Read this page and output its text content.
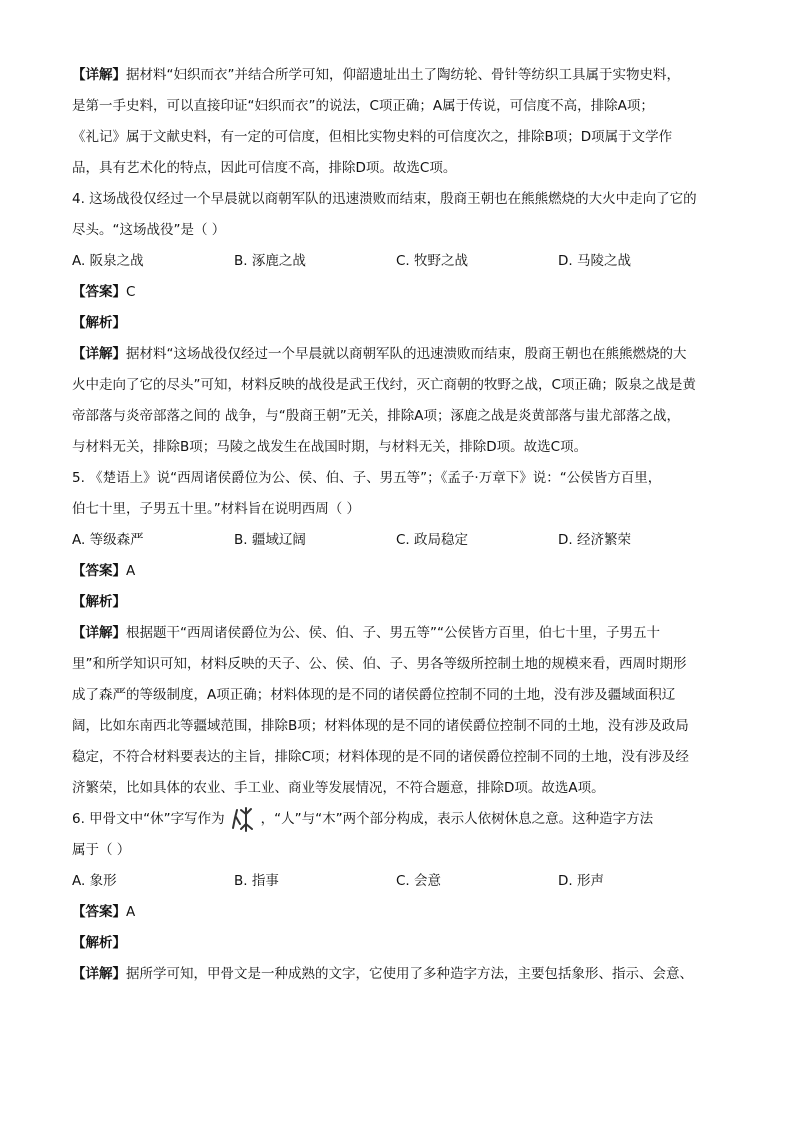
【详解】据材料“妇织而衣”并结合所学可知，仰韶遗址出土了陶纺轮、骨针等纺织工具属于实物史料，
是第一手史料，可以直接印证“妇织而衣”的说法，C项正确；A属于传说，可信度不高，排除A项；
《礼记》属于文献史料，有一定的可信度，但相比实物史料的可信度次之，排除B项；D项属于文学作
品，具有艺术化的特点，因此可信度不高，排除D项。故选C项。
4. 这场战役仅经过一个早晨就以商朝军队的迅速溃败而结束，殷商王朝也在熊熊燃烧的大火中走向了它的
尽头。“这场战役”是（ ）
A. 阪泉之战	B. 涿鹿之战	C. 牧野之战	D. 马陵之战
【答案】C
【解析】
【详解】据材料“这场战役仅经过一个早晨就以商朝军队的迅速溃败而结束，殷商王朝也在熊熊燃烧的大
火中走向了它的尽头”可知，材料反映的战役是武王伐纣，灭亡商朝的牧野之战，C项正确；阪泉之战是黄
帝部落与炎帝部落之间的 战争，与“殷商王朝”无关，排除A项；涿鹿之战是炎黄部落与蚩尤部落之战，
与材料无关，排除B项；马陵之战发生在战国时期，与材料无关，排除D项。故选C项。
5. 《楚语上》说“西周诸侯爵位为公、侯、伯、子、男五等”；《孟子·万章下》说：“公侯皆方百里，
伯七十里，子男五十里。”材料旨在说明西周（ ）
A. 等级森严	B. 疆域辽阔	C. 政局稳定	D. 经济繁荣
【答案】A
【解析】
【详解】根据题干“西周诸侯爵位为公、侯、伯、子、男五等”“公侯皆方百里，伯七十里，子男五十
里”和所学知识可知，材料反映的天子、公、侯、伯、子、男各等级所控制土地的规模来看，西周时期形
成了森严的等级制度，A项正确；材料体现的是不同的诸侯爵位控制不同的土地，没有涉及疆域面积辽
阔，比如东南西北等疆域范围，排除B项；材料体现的是不同的诸侯爵位控制不同的土地，没有涉及政局
稳定，不符合材料要表达的主旨，排除C项；材料体现的是不同的诸侯爵位控制不同的土地，没有涉及经
济繁荣，比如具体的农业、手工业、商业等发展情况，不符合题意，排除D项。故选A项。
6. 甲骨文中“休”字写作为	，“人”与“木”两个部分构成，表示人依树休息之意。这种造字方法
属于（ ）
A. 象形	B. 指事	C. 会意	D. 形声
【答案】A
【解析】
【详解】据所学可知，甲骨文是一种成熟的文字，它使用了多种造字方法，主要包括象形、指示、会意、
